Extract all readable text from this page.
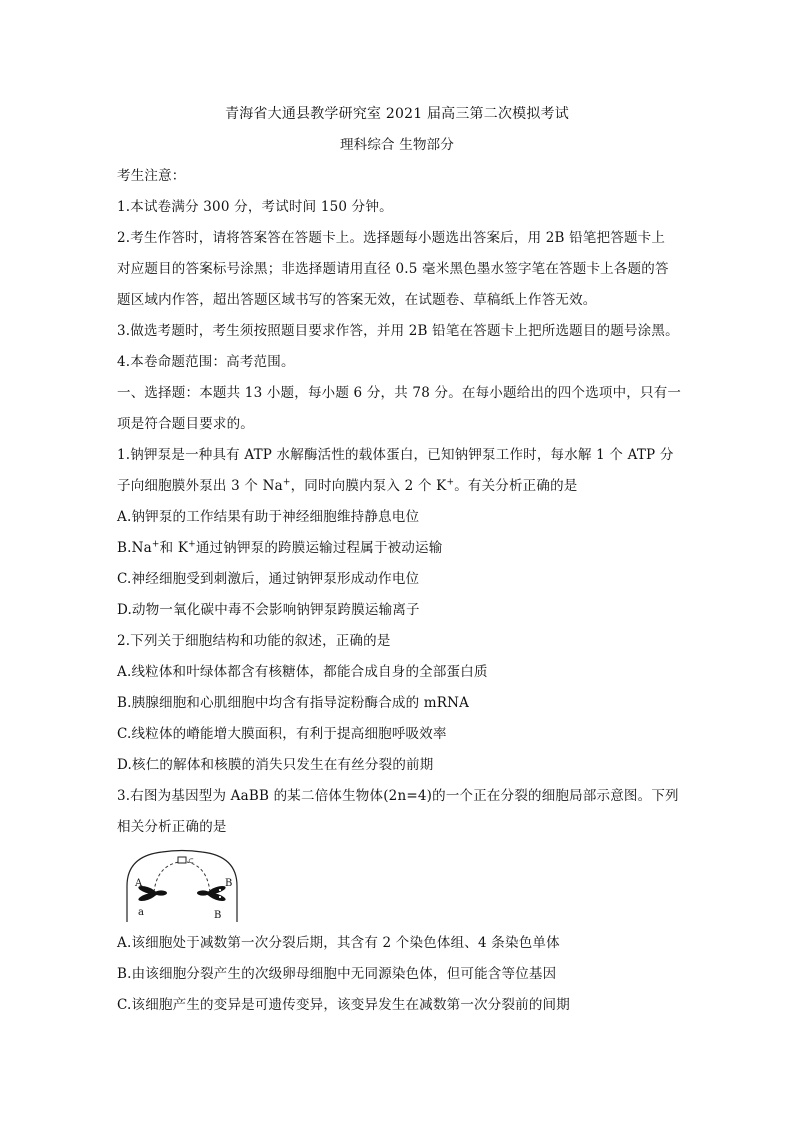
青海省大通县教学研究室 2021 届高三第二次模拟考试
理科综合 生物部分
考生注意：
1.本试卷满分 300 分，考试时间 150 分钟。
2.考生作答时，请将答案答在答题卡上。选择题每小题选出答案后，用 2B 铅笔把答题卡上
对应题目的答案标号涂黑；非选择题请用直径 0.5 毫米黑色墨水签字笔在答题卡上各题的答
题区域内作答，超出答题区域书写的答案无效，在试题卷、草稿纸上作答无效。
3.做选考题时，考生须按照题目要求作答，并用 2B 铅笔在答题卡上把所选题目的题号涂黑。
4.本卷命题范围：高考范围。
一、选择题：本题共 13 小题，每小题 6 分，共 78 分。在每小题给出的四个选项中，只有一
项是符合题目要求的。
1.钠钾泵是一种具有 ATP 水解酶活性的载体蛋白，已知钠钾泵工作时，每水解 1 个 ATP 分
子向细胞膜外泵出 3 个 Na+，同时向膜内泵入 2 个 K+。有关分析正确的是
A.钠钾泵的工作结果有助于神经细胞维持静息电位
B.Na+和 K+通过钠钾泵的跨膜运输过程属于被动运输
C.神经细胞受到刺激后，通过钠钾泵形成动作电位
D.动物一氧化碳中毒不会影响钠钾泵跨膜运输离子
2.下列关于细胞结构和功能的叙述，正确的是
A.线粒体和叶绿体都含有核糖体，都能合成自身的全部蛋白质
B.胰腺细胞和心肌细胞中均含有指导淀粉酶合成的 mRNA
C.线粒体的嵴能增大膜面积，有利于提高细胞呼吸效率
D.核仁的解体和核膜的消失只发生在有丝分裂的前期
3.右图为基因型为 AaBB 的某二倍体生物体(2n=4)的一个正在分裂的细胞局部示意图。下列
相关分析正确的是
⊂
A
a
B
B
A.该细胞处于减数第一次分裂后期，其含有 2 个染色体组、4 条染色单体
B.由该细胞分裂产生的次级卵母细胞中无同源染色体，但可能含等位基因
C.该细胞产生的变异是可遗传变异，该变异发生在减数第一次分裂前的间期
